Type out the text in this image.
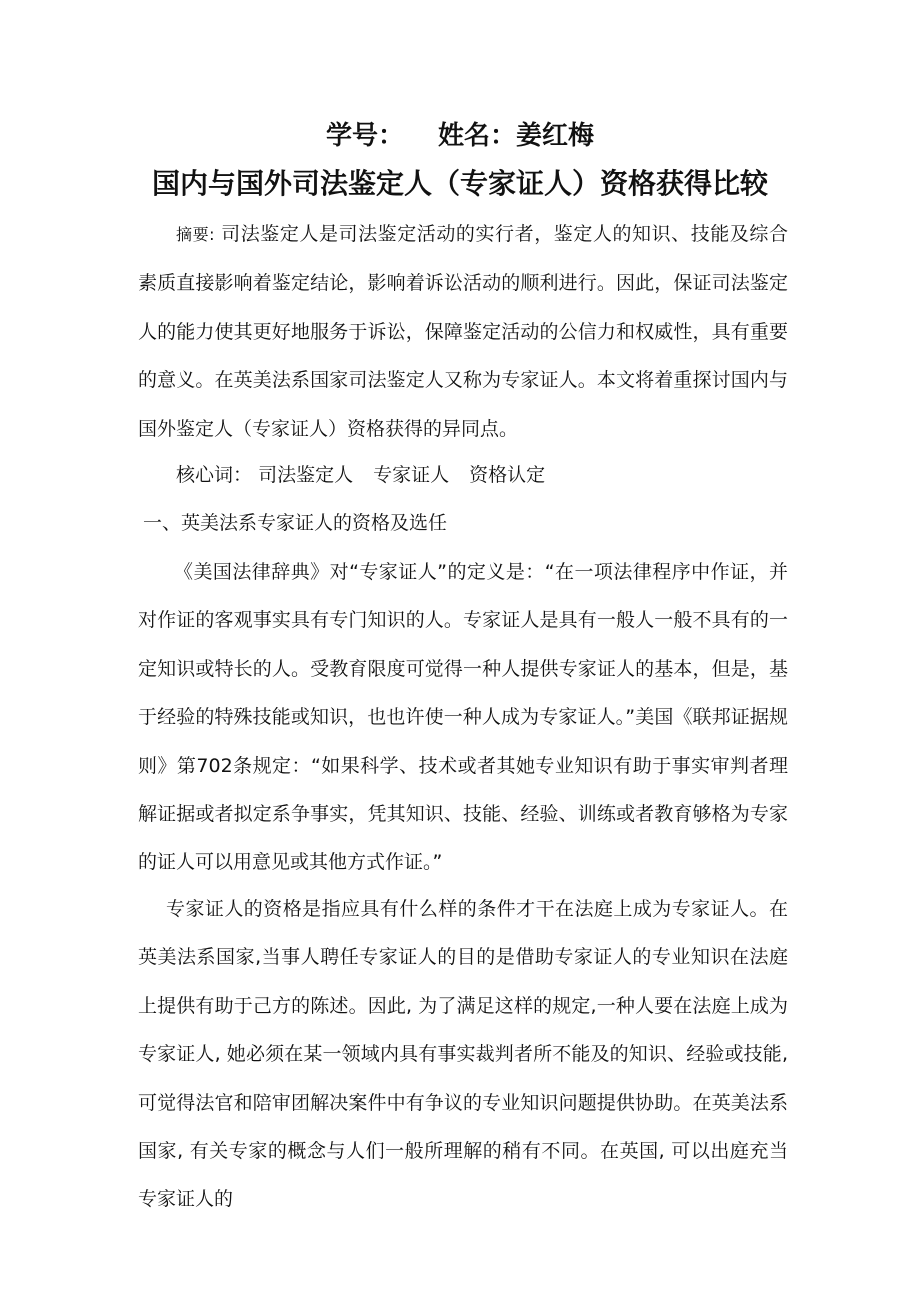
学号： 姓名：姜红梅
国内与国外司法鉴定人（专家证人）资格获得比较
摘要: 司法鉴定人是司法鉴定活动的实行者，鉴定人的知识、技能及综合素质直接影响着鉴定结论，影响着诉讼活动的顺利进行。因此，保证司法鉴定人的能力使其更好地服务于诉讼，保障鉴定活动的公信力和权威性，具有重要的意义。在英美法系国家司法鉴定人又称为专家证人。本文将着重探讨国内与国外鉴定人（专家证人）资格获得的异同点。
核心词： 司法鉴定人 专家证人 资格认定
一、英美法系专家证人的资格及选任
《美国法律辞典》对“专家证人”的定义是：“在一项法律程序中作证，并对作证的客观事实具有专门知识的人。专家证人是具有一般人一般不具有的一定知识或特长的人。受教育限度可觉得一种人提供专家证人的基本，但是，基于经验的特殊技能或知识，也也许使一种人成为专家证人。”美国《联邦证据规则》第702条规定：“如果科学、技术或者其她专业知识有助于事实审判者理解证据或者拟定系争事实，凭其知识、技能、经验、训练或者教育够格为专家的证人可以用意见或其他方式作证。”
专家证人的资格是指应具有什么样的条件才干在法庭上成为专家证人。在英美法系国家,当事人聘任专家证人的目的是借助专家证人的专业知识在法庭上提供有助于己方的陈述。因此, 为了满足这样的规定,一种人要在法庭上成为专家证人, 她必须在某一领域内具有事实裁判者所不能及的知识、经验或技能, 可觉得法官和陪审团解决案件中有争议的专业知识问题提供协助。在英美法系国家, 有关专家的概念与人们一般所理解的稍有不同。在英国, 可以出庭充当专家证人的
